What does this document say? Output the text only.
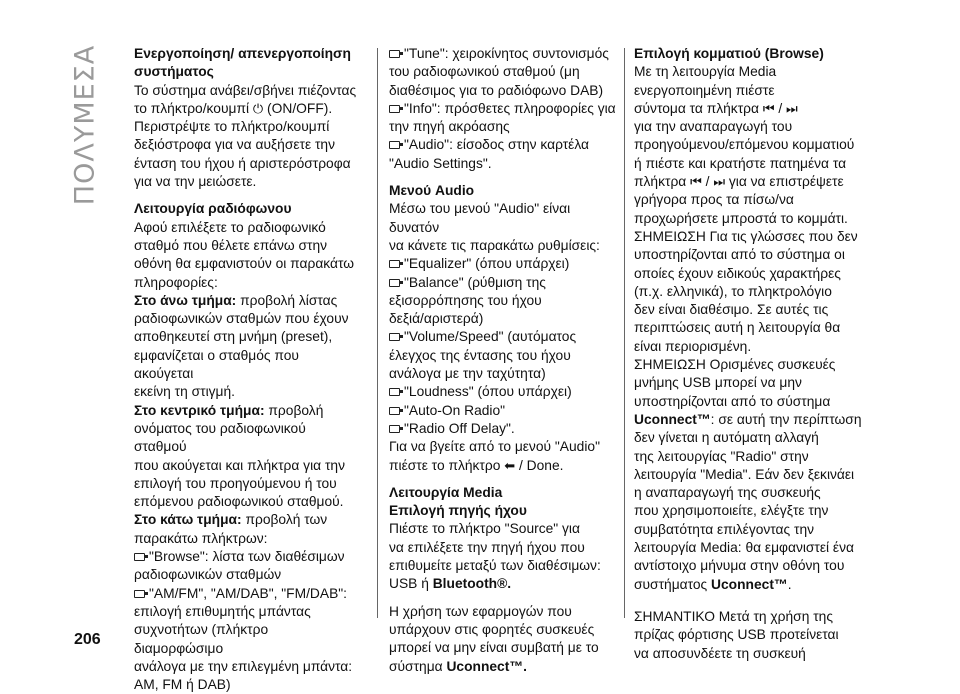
ΠΟΛΥΜΕΣΑ Ενεργοποίηση/ απενεργοποίηση
συστήματος

Το σύστημα ανάβει/σβήνει πιέζοντας
το πλήκτρο/κουμπί ⏻ (ON/OFF).
Περιστρέψτε το πλήκτρο/κουμπί
δεξιόστροφα για να αυξήσετε την
ένταση του ήχου ή αριστερόστροφα
για να την μειώσετε.

Λειτουργία ραδιόφωνου

Αφού επιλέξετε το ραδιοφωνικό
σταθμό που θέλετε επάνω στην
οθόνη θα εμφανιστούν οι παρακάτω
πληροφορίες:

Στο άνω τμήμα: προβολή λίστας
ραδιοφωνικών σταθμών που έχουν
αποθηκευτεί στη μνήμη (preset),
εμφανίζεται ο σταθμός που ακούγεται
εκείνη τη στιγμή.

Στο κεντρικό τμήμα: προβολή
ονόματος του ραδιοφωνικού σταθμού
που ακούγεται και πλήκτρα για την
επιλογή του προηγούμενου ή του
επόμενου ραδιοφωνικού σταθμού.

Στο κάτω τμήμα: προβολή των
παρακάτω πλήκτρων:

"Browse": λίστα των διαθέσιμων
ραδιοφωνικών σταθμών

"AM/FM", "AM/DAB", "FM/DAB":
επιλογή επιθυμητής μπάντας
συχνοτήτων (πλήκτρο διαμορφώσιμο
ανάλογα με την επιλεγμένη μπάντα:
AM, FM ή DAB)

"Tune": χειροκίνητος συντονισμός
του ραδιοφωνικού σταθμού (μη
διαθέσιμος για το ραδιόφωνο DAB)

"Info": πρόσθετες πληροφορίες για
την πηγή ακρόασης

"Audio": είσοδος στην καρτέλα
"Audio Settings".

Μενού Audio

Μέσω του μενού "Audio" είναι δυνατόν
να κάνετε τις παρακάτω ρυθμίσεις:

"Equalizer" (όπου υπάρχει)

"Balance" (ρύθμιση της
εξισορρόπησης του ήχου
δεξιά/αριστερά)

"Volume/Speed" (αυτόματος
έλεγχος της έντασης του ήχου
ανάλογα με την ταχύτητα)

"Loudness" (όπου υπάρχει)

"Auto-On Radio"

"Radio Off Delay".

Για να βγείτε από το μενού "Audio"
πιέστε το πλήκτρο ⬅ / Done.

Λειτουργία Media
Επιλογή πηγής ήχου

Πιέστε το πλήκτρο "Source" για
να επιλέξετε την πηγή ήχου που
επιθυμείτε μεταξύ των διαθέσιμων:
USB ή Bluetooth®.

Η χρήση των εφαρμογών που
υπάρχουν στις φορητές συσκευές
μπορεί να μην είναι συμβατή με το
σύστημα Uconnect™.

Επιλογή κομματιού (Browse)

Με τη λειτουργία Media
ενεργοποιημένη πιέστε
σύντομα τα πλήκτρα ⏮ / ⏭
για την αναπαραγωγή του
προηγούμενου/επόμενου κομματιού
ή πιέστε και κρατήστε πατημένα τα
πλήκτρα ⏮ / ⏭ για να επιστρέψετε
γρήγορα προς τα πίσω/να
προχωρήσετε μπροστά το κομμάτι.

ΣΗΜΕΙΩΣΗ Για τις γλώσσες που δεν
υποστηρίζονται από το σύστημα οι
οποίες έχουν ειδικούς χαρακτήρες
(π.χ. ελληνικά), το πληκτρολόγιο
δεν είναι διαθέσιμο. Σε αυτές τις
περιπτώσεις αυτή η λειτουργία θα
είναι περιορισμένη.

ΣΗΜΕΙΩΣΗ Ορισμένες συσκευές
μνήμης USB μπορεί να μην
υποστηρίζονται από το σύστημα
Uconnect™: σε αυτή την περίπτωση
δεν γίνεται η αυτόματη αλλαγή
της λειτουργίας "Radio" στην
λειτουργία "Media". Εάν δεν ξεκινάει
η αναπαραγωγή της συσκευής
που χρησιμοποιείτε, ελέγξτε την
συμβατότητα επιλέγοντας την
λειτουργία Media: θα εμφανιστεί ένα
αντίστοιχο μήνυμα στην οθόνη του
συστήματος Uconnect™.

ΣΗΜΑΝΤΙΚΟ Μετά τη χρήση της
πρίζας φόρτισης USB προτείνεται
να αποσυνδέετε τη συσκευή

206
